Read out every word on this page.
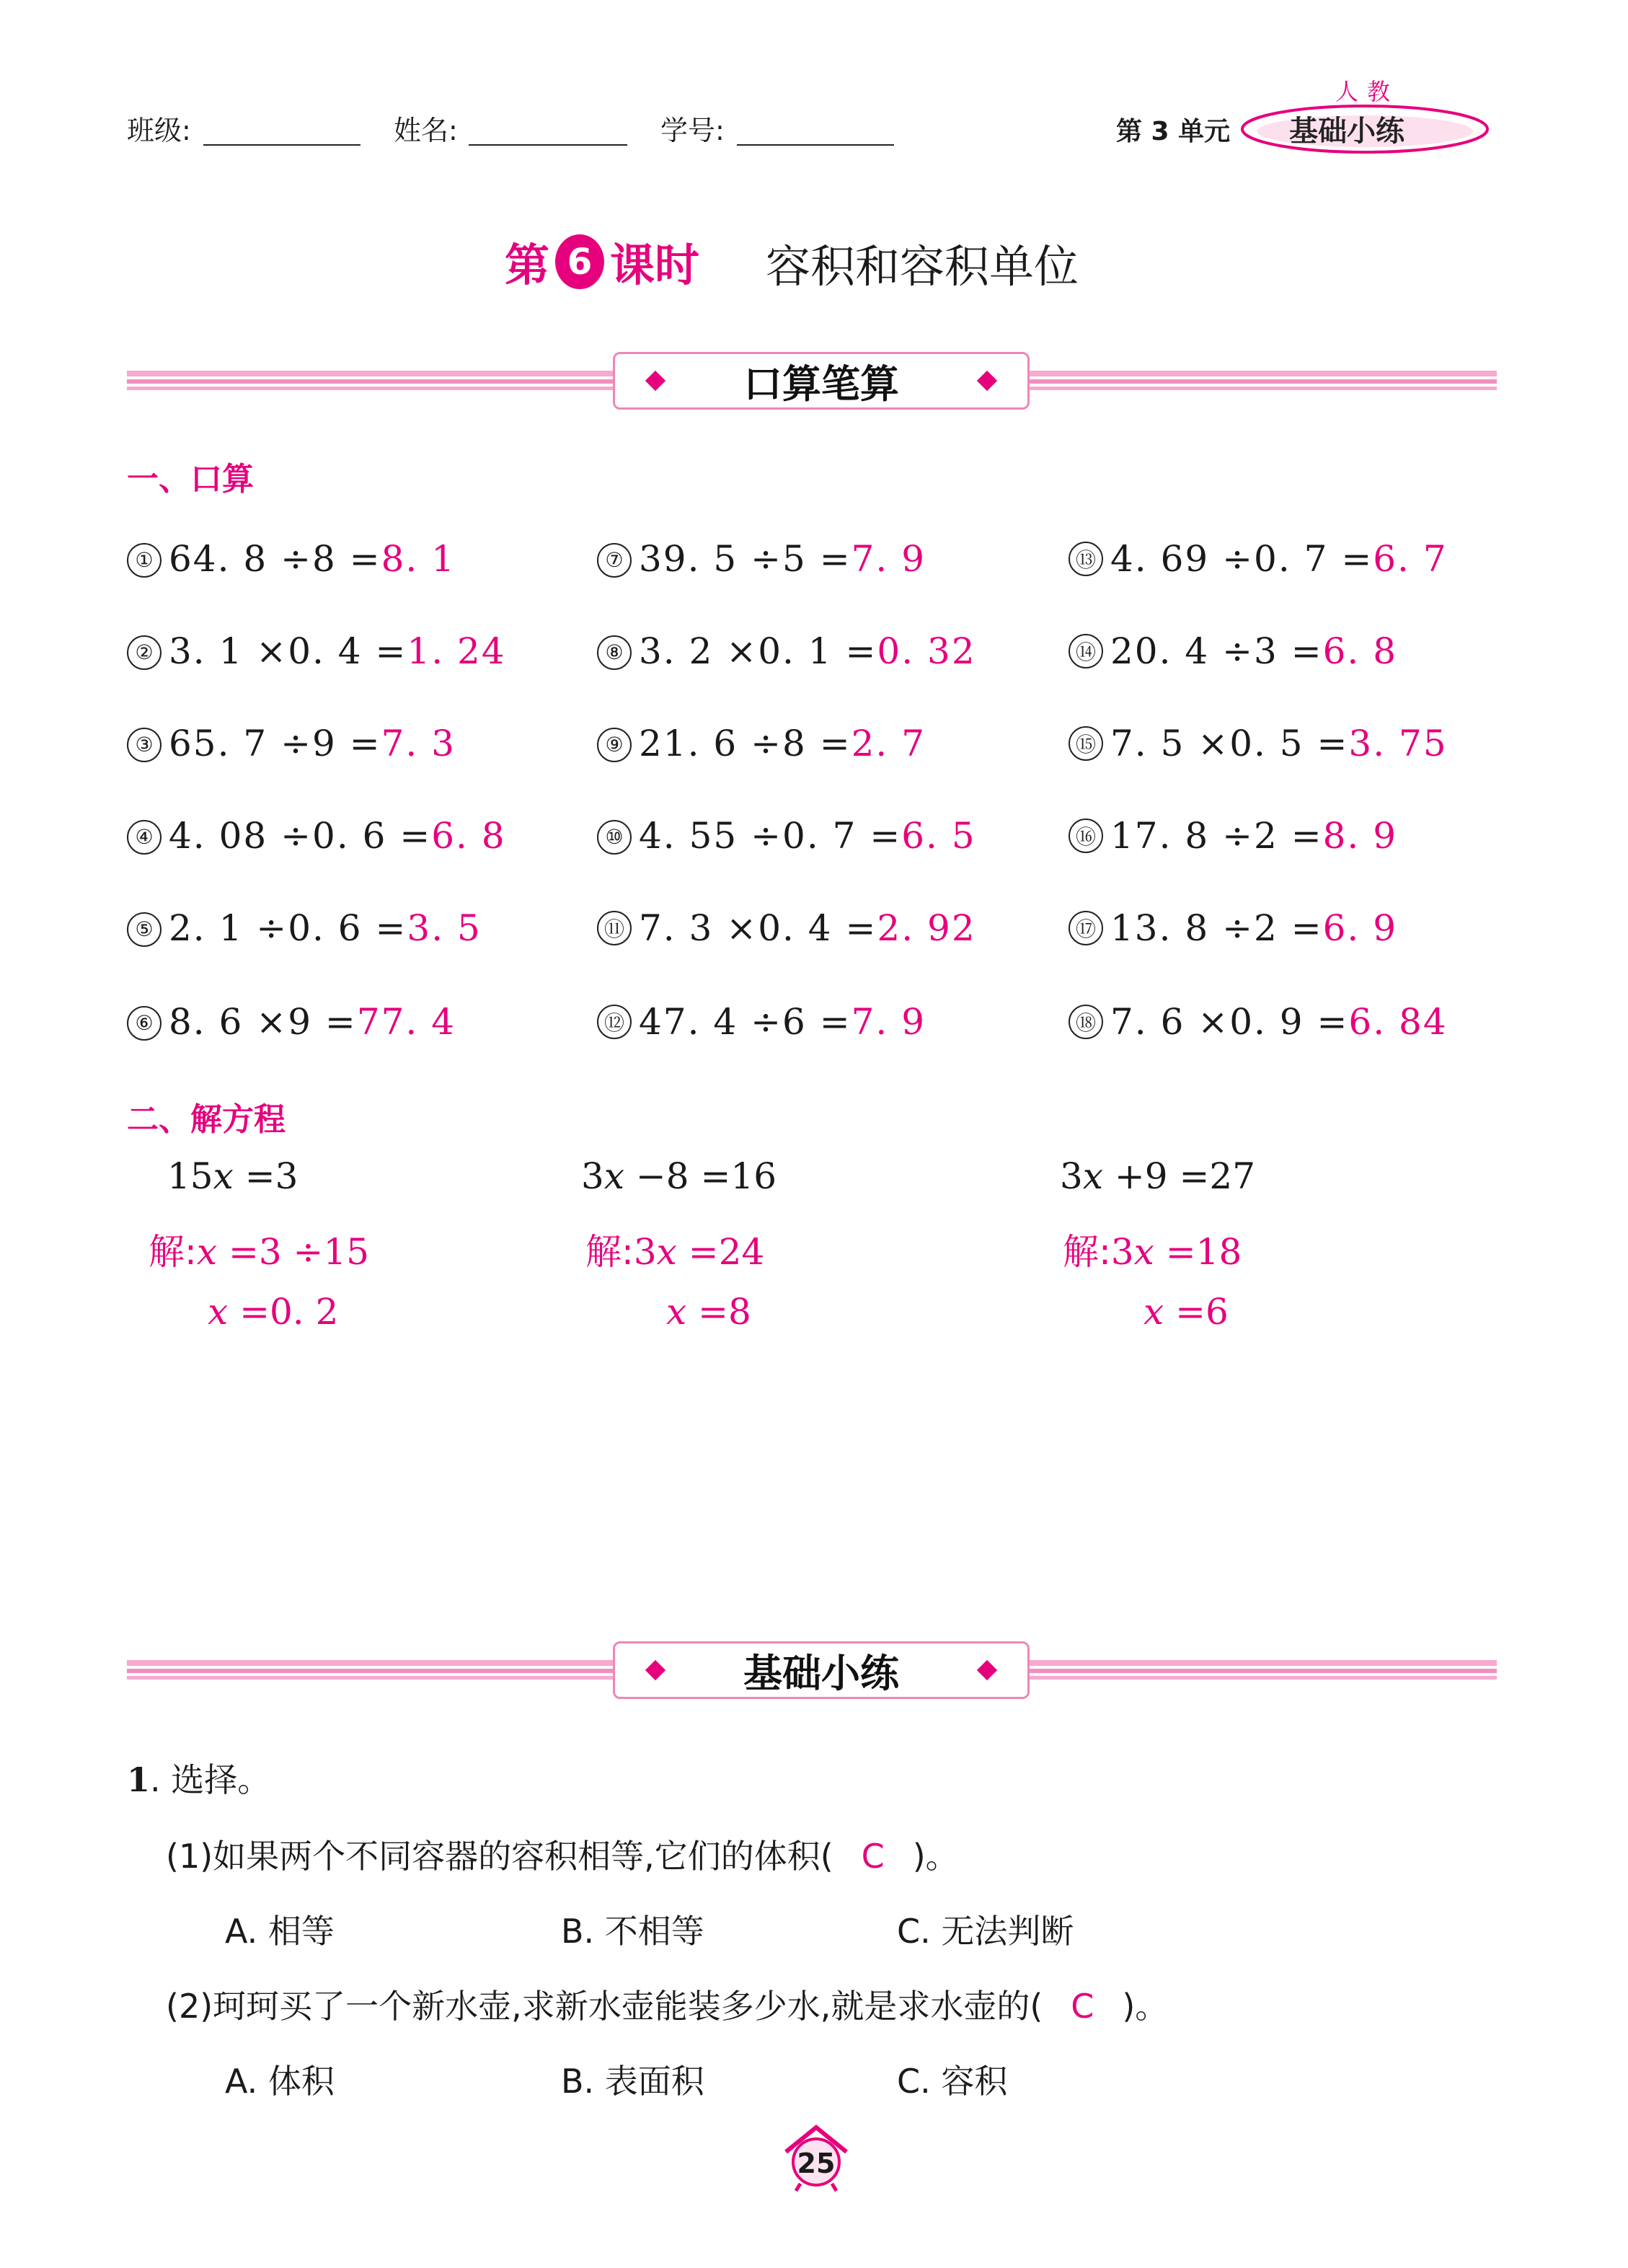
班级:	姓名:	学号:	第 3 单元
人教
基础小练
第 6 课时 容积和容积单位
口算笔算
一、口算
① 64. 8 ÷8 =8. 1
② 3. 1 ×0. 4 =1. 24
③ 65. 7 ÷9 =7. 3
④ 4. 08 ÷0. 6 =6. 8
⑤ 2. 1 ÷0. 6 =3. 5
⑥ 8. 6 ×9 =77. 4
⑦ 39. 5 ÷5 =7. 9
⑧ 3. 2 ×0. 1 =0. 32
⑨ 21. 6 ÷8 =2. 7
⑩ 4. 55 ÷0. 7 =6. 5
⑪ 7. 3 ×0. 4 =2. 92
⑫ 47. 4 ÷6 =7. 9
⑬ 4. 69 ÷0. 7 =6. 7
⑭ 20. 4 ÷3 =6. 8
⑮ 7. 5 ×0. 5 =3. 75
⑯ 17. 8 ÷2 =8. 9
⑰ 13. 8 ÷2 =6. 9
⑱ 7. 6 ×0. 9 =6. 84
二、解方程
15x =3
解:x =3 ÷15
x =0. 2
3x −8 =16
解:3x =24
x =8
3x +9 =27
解:3x =18
x =6
基础小练
1. 选择。
(1)如果两个不同容器的容积相等,它们的体积( C )。
A. 相等	B. 不相等	C. 无法判断
(2)珂珂买了一个新水壶,求新水壶能装多少水,就是求水壶的( C )。
A. 体积	B. 表面积	C. 容积
25
